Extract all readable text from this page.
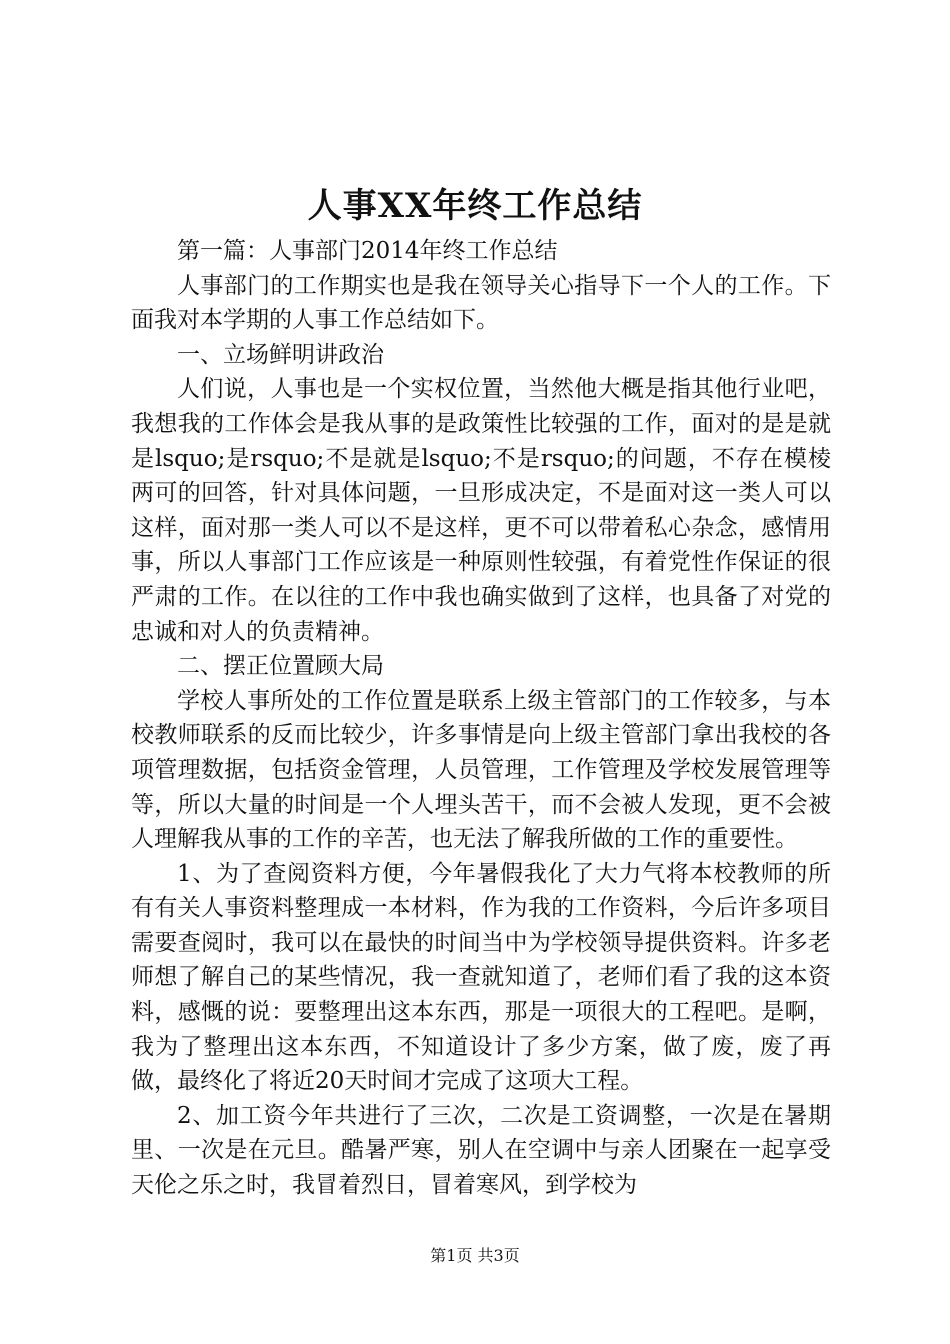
人事XX年终工作总结

第一篇：人事部门2014年终工作总结

人事部门的工作期实也是我在领导关心指导下一个人的工作。下面我对本学期的人事工作总结如下。

一、立场鲜明讲政治

人们说，人事也是一个实权位置，当然他大概是指其他行业吧，我想我的工作体会是我从事的是政策性比较强的工作，面对的是是就是lsquo;是rsquo;不是就是lsquo;不是rsquo;的问题，不存在模棱两可的回答，针对具体问题，一旦形成决定，不是面对这一类人可以这样，面对那一类人可以不是这样，更不可以带着私心杂念，感情用事，所以人事部门工作应该是一种原则性较强，有着党性作保证的很严肃的工作。在以往的工作中我也确实做到了这样，也具备了对党的忠诚和对人的负责精神。

二、摆正位置顾大局

学校人事所处的工作位置是联系上级主管部门的工作较多，与本校教师联系的反而比较少，许多事情是向上级主管部门拿出我校的各项管理数据，包括资金管理，人员管理，工作管理及学校发展管理等等，所以大量的时间是一个人埋头苦干，而不会被人发现，更不会被人理解我从事的工作的辛苦，也无法了解我所做的工作的重要性。

1、为了查阅资料方便，今年暑假我化了大力气将本校教师的所有有关人事资料整理成一本材料，作为我的工作资料，今后许多项目需要查阅时，我可以在最快的时间当中为学校领导提供资料。许多老师想了解自己的某些情况，我一查就知道了，老师们看了我的这本资料，感慨的说：要整理出这本东西，那是一项很大的工程吧。是啊，我为了整理出这本东西，不知道设计了多少方案，做了废，废了再做，最终化了将近20天时间才完成了这项大工程。

2、加工资今年共进行了三次，二次是工资调整，一次是在暑期里、一次是在元旦。酷暑严寒，别人在空调中与亲人团聚在一起享受天伦之乐之时，我冒着烈日，冒着寒风，到学校为

第1页 共3页
